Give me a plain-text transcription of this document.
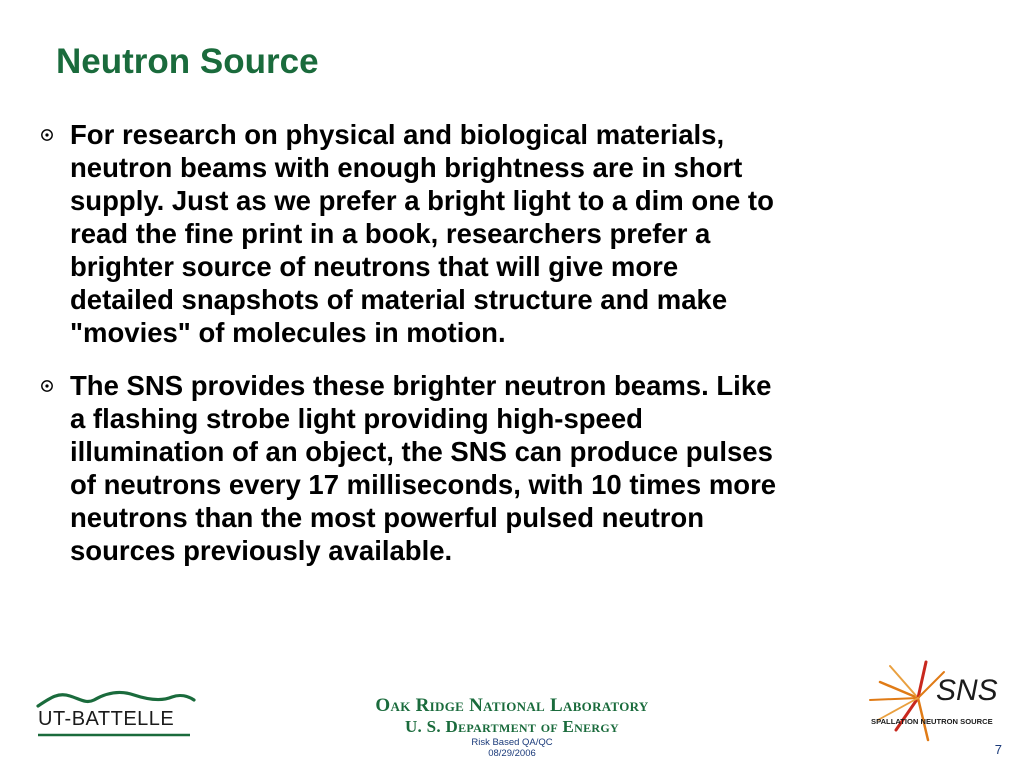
Neutron Source
For research on physical and biological materials,
neutron beams with enough brightness are in short
supply. Just as we prefer a bright light to a dim one to
read the fine print in a book, researchers prefer a
brighter source of neutrons that will give more
detailed snapshots of material structure and make
"movies" of molecules in motion.
The SNS provides these brighter neutron beams. Like
a flashing strobe light providing high-speed
illumination of an object, the SNS can produce pulses
of neutrons every 17 milliseconds, with 10 times more
neutrons than the most powerful pulsed neutron
sources previously available.
UT-BATTELLE
Oak Ridge National Laboratory
U. S. Department of Energy
Risk Based QA/QC
08/29/2006
SNS
SPALLATION NEUTRON SOURCE
7
